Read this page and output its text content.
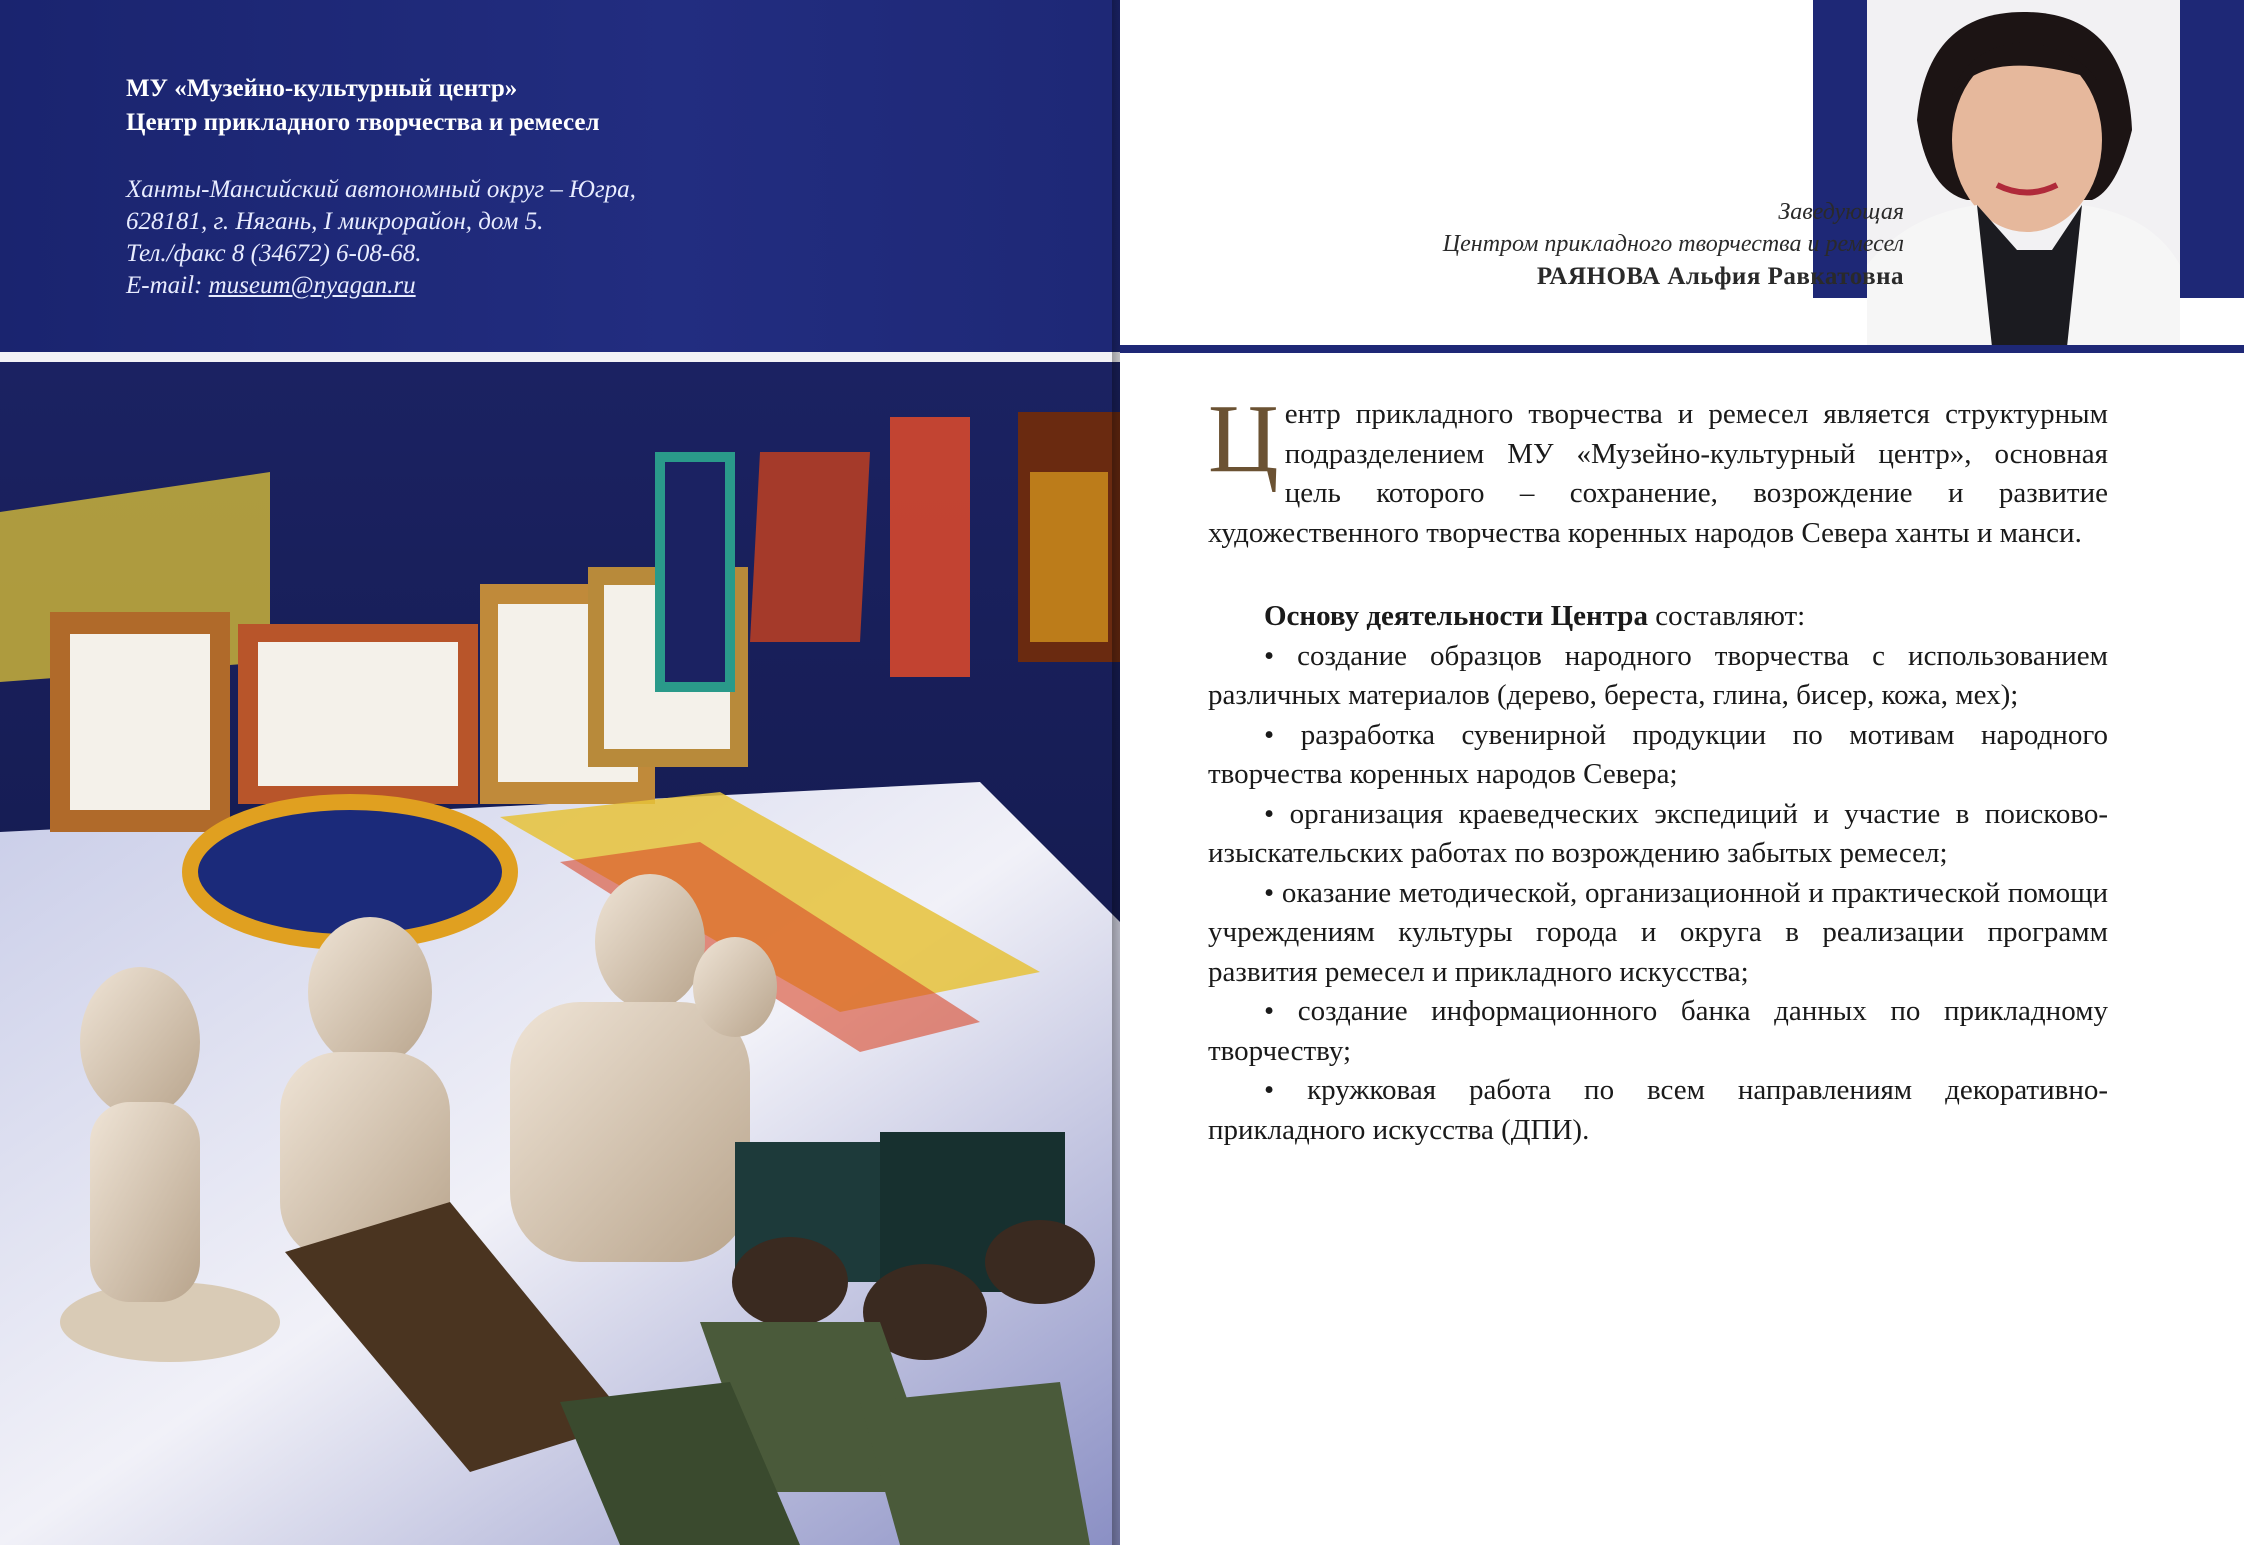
МУ «Музейно-культурный центр»
Центр прикладного творчества и ремесел
Ханты-Мансийский автономный округ – Югра,
628181, г. Нягань, I микрорайон, дом 5.
Тел./факс 8 (34672) 6-08-68.
E-mail: museum@nyagan.ru
Заведующая
Центром прикладного творчества и ремесел
РАЯНОВА Альфия Равкатовна

Центр прикладного творчества и ремесел является структурным подразделением МУ «Музейно-культурный центр», основная цель которого – сохранение, возрождение и развитие художественного творчества коренных народов Севера ханты и манси.

Основу деятельности Центра составляют:

• создание образцов народного творчества с использованием различных материалов (дерево, береста, глина, бисер, кожа, мех);
• разработка сувенирной продукции по мотивам народного творчества коренных народов Севера;
• организация краеведческих экспедиций и участие в поисково-изыскательских работах по возрождению забытых ремесел;
• оказание методической, организационной и практической помощи учреждениям культуры города и округа в реализации программ развития ремесел и прикладного искусства;
• создание информационного банка данных по прикладному творчеству;
• кружковая работа по всем направлениям декоративно-прикладного искусства (ДПИ).
